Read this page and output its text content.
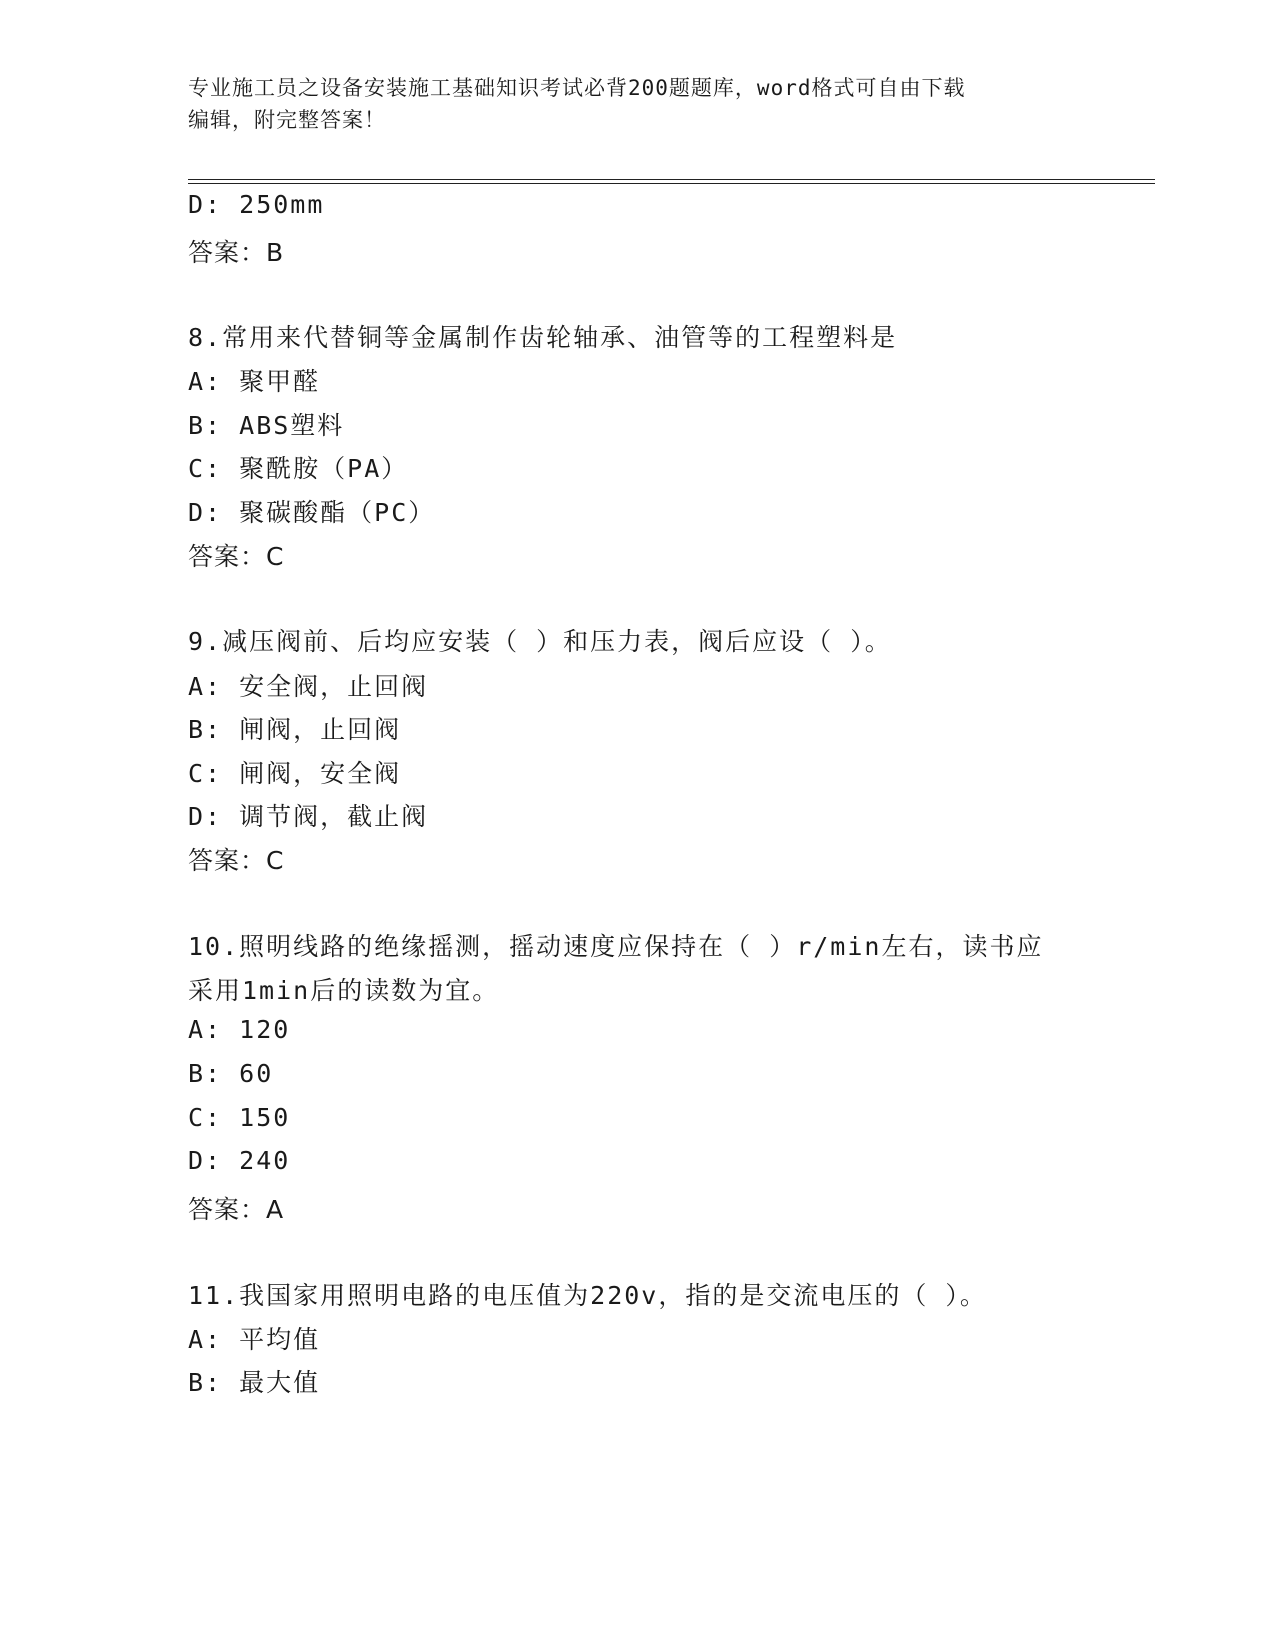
专业施工员之设备安装施工基础知识考试必背200题题库，word格式可自由下载
编辑，附完整答案！
D: 250mm
答案：B
8.常用来代替铜等金属制作齿轮轴承、油管等的工程塑料是
A: 聚甲醛
B: ABS塑料
C: 聚酰胺（PA）
D: 聚碳酸酯（PC）
答案：C
9.减压阀前、后均应安装（ ）和压力表，阀后应设（ ）。
A: 安全阀，止回阀
B: 闸阀，止回阀
C: 闸阀，安全阀
D: 调节阀，截止阀
答案：C
10.照明线路的绝缘摇测，摇动速度应保持在（ ）r/min左右，读书应
采用1min后的读数为宜。
A: 120
B: 60
C: 150
D: 240
答案：A
11.我国家用照明电路的电压值为220v，指的是交流电压的（ ）。
A: 平均值
B: 最大值
